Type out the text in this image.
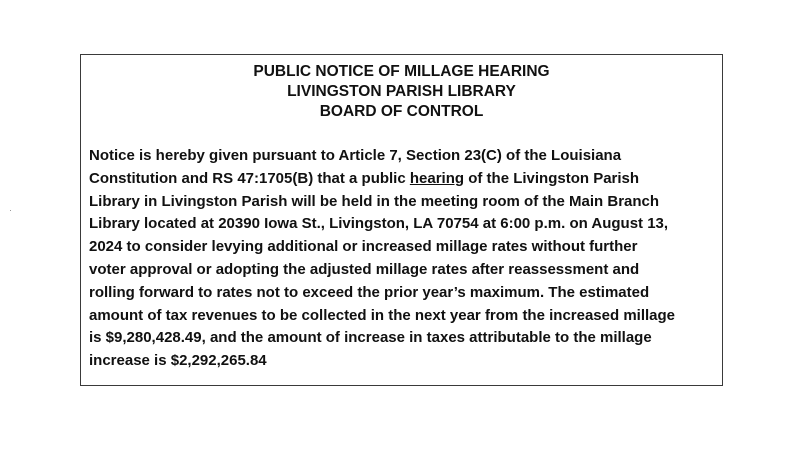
PUBLIC NOTICE OF MILLAGE HEARING
LIVINGSTON PARISH LIBRARY
BOARD OF CONTROL
Notice is hereby given pursuant to Article 7, Section 23(C) of the Louisiana
Constitution and RS 47:1705(B) that a public hearing of the Livingston Parish
Library in Livingston Parish will be held in the meeting room of the Main Branch
Library located at 20390 Iowa St., Livingston, LA 70754 at 6:00 p.m. on August 13,
2024 to consider levying additional or increased millage rates without further
voter approval or adopting the adjusted millage rates after reassessment and
rolling forward to rates not to exceed the prior year’s maximum. The estimated
amount of tax revenues to be collected in the next year from the increased millage
is $9,280,428.49, and the amount of increase in taxes attributable to the millage
increase is $2,292,265.84
